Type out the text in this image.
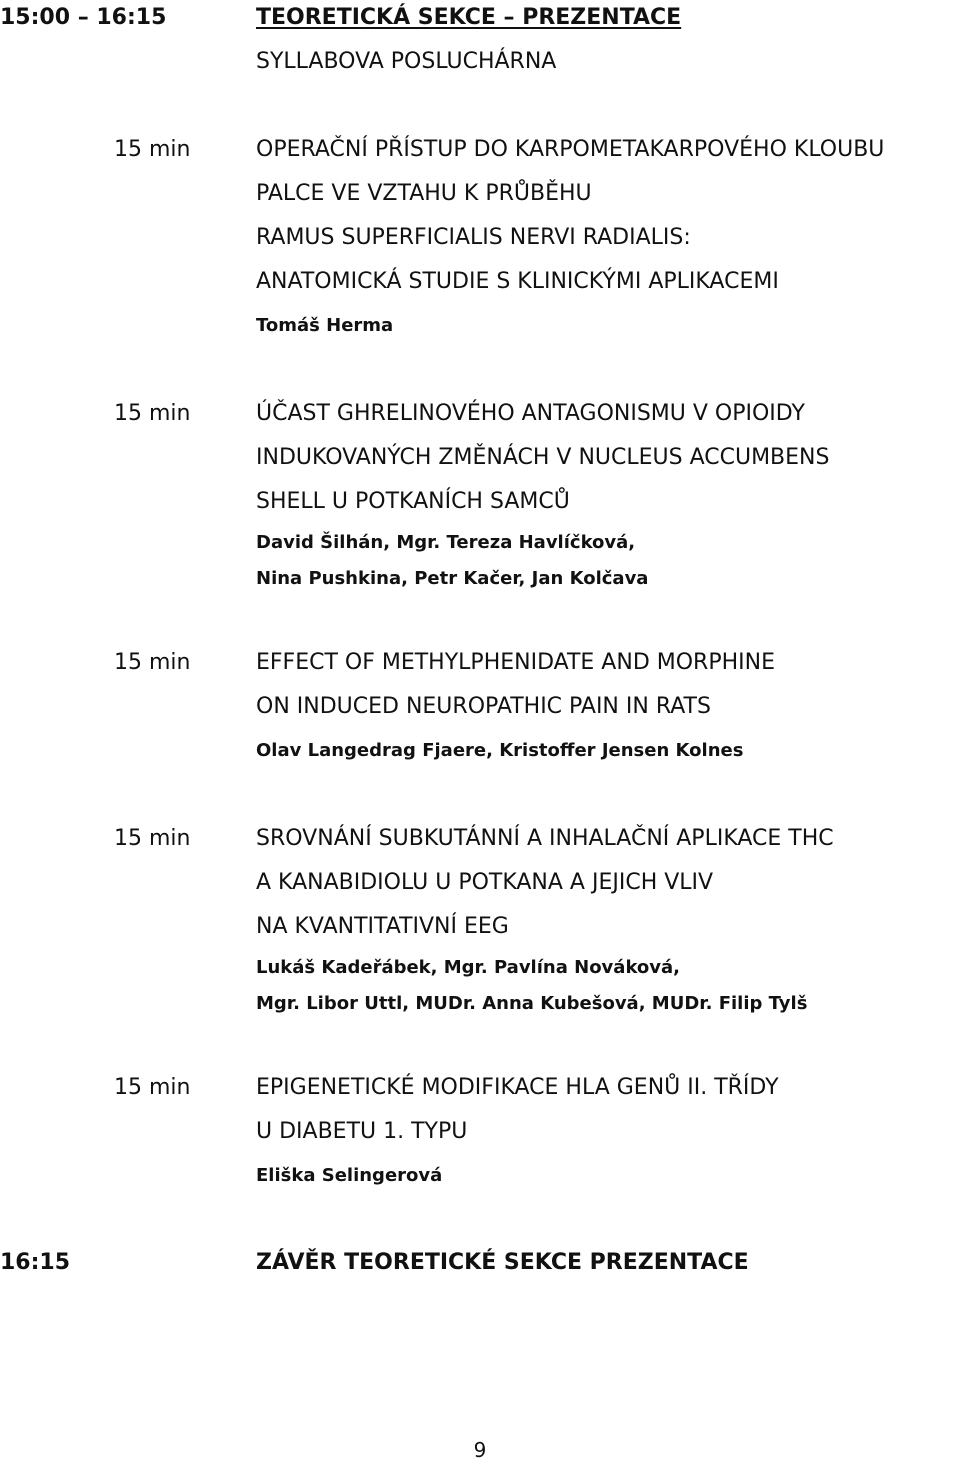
15:00 – 16:15	TEORETICKÁ SEKCE – PREZENTACE
SYLLABOVA POSLUCHÁRNA
15 min	OPERAČNÍ PŘÍSTUP DO KARPOMETAKARPOVÉHO KLOUBU
PALCE VE VZTAHU K PRŮBĚHU
RAMUS SUPERFICIALIS NERVI RADIALIS:
ANATOMICKÁ STUDIE S KLINICKÝMI APLIKACEMI
Tomáš Herma
15 min	ÚČAST GHRELINOVÉHO ANTAGONISMU V OPIOIDY
INDUKOVANÝCH ZMĚNÁCH V NUCLEUS ACCUMBENS
SHELL U POTKANÍCH SAMCŮ
David Šilhán, Mgr. Tereza Havlíčková,
Nina Pushkina, Petr Kačer, Jan Kolčava
15 min	EFFECT OF METHYLPHENIDATE AND MORPHINE
ON INDUCED NEUROPATHIC PAIN IN RATS
Olav Langedrag Fjaere, Kristoffer Jensen Kolnes
15 min	SROVNÁNÍ SUBKUTÁNNÍ A INHALAČNÍ APLIKACE THC
A KANABIDIOLU U POTKANA A JEJICH VLIV
NA KVANTITATIVNÍ EEG
Lukáš Kadeřábek, Mgr. Pavlína Nováková,
Mgr. Libor Uttl, MUDr. Anna Kubešová, MUDr. Filip Tylš
15 min	EPIGENETICKÉ MODIFIKACE HLA GENŮ II. TŘÍDY
U DIABETU 1. TYPU
Eliška Selingerová
16:15	ZÁVĚR TEORETICKÉ SEKCE PREZENTACE
9
